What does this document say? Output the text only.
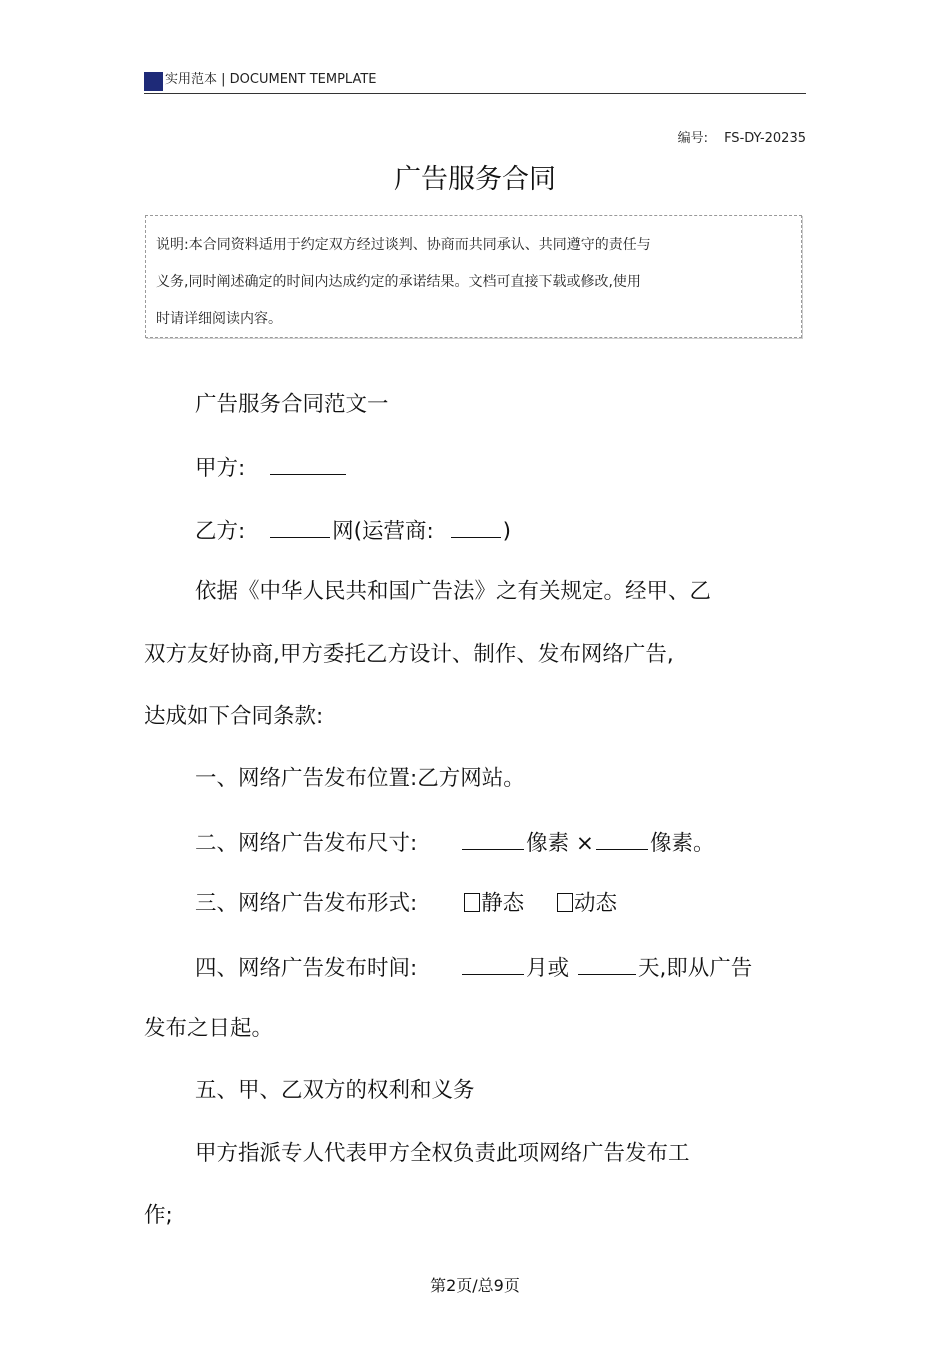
实用范本 | DOCUMENT TEMPLATE
编号: FS-DY-20235
广告服务合同
说明:本合同资料适用于约定双方经过谈判、协商而共同承认、共同遵守的责任与
义务,同时阐述确定的时间内达成约定的承诺结果。文档可直接下载或修改,使用
时请详细阅读内容。
广告服务合同范文一
甲方:
乙方:	网(运营商:	)
依据《中华人民共和国广告法》之有关规定。经甲、乙
双方友好协商,甲方委托乙方设计、制作、发布网络广告,
达成如下合同条款:
一、网络广告发布位置:乙方网站。
二、网络广告发布尺寸:	像素 ×	像素。
三、网络广告发布形式:	静态 动态
四、网络广告发布时间:	月或	天,即从广告
发布之日起。
五、甲、乙双方的权利和义务
甲方指派专人代表甲方全权负责此项网络广告发布工
作;
第2页/总9页
